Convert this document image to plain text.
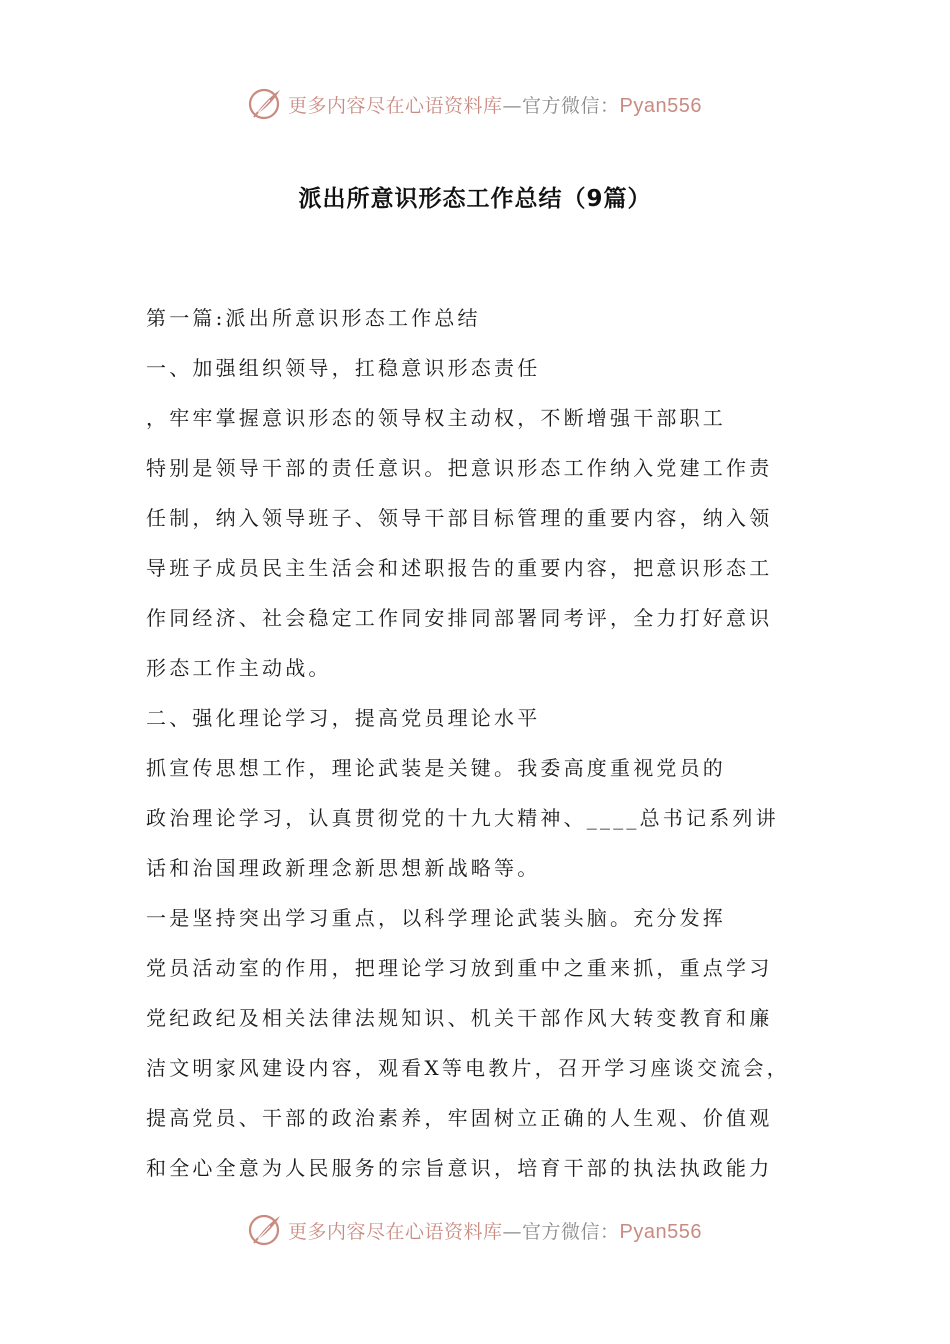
更多内容尽在心语资料库—官方微信：Pyan556
派出所意识形态工作总结（9篇）
第一篇:派出所意识形态工作总结
一、加强组织领导，扛稳意识形态责任
，牢牢掌握意识形态的领导权主动权，不断增强干部职工
特别是领导干部的责任意识。把意识形态工作纳入党建工作责
任制，纳入领导班子、领导干部目标管理的重要内容，纳入领
导班子成员民主生活会和述职报告的重要内容，把意识形态工
作同经济、社会稳定工作同安排同部署同考评，全力打好意识
形态工作主动战。
二、强化理论学习，提高党员理论水平
抓宣传思想工作，理论武装是关键。我委高度重视党员的
政治理论学习，认真贯彻党的十九大精神、____总书记系列讲
话和治国理政新理念新思想新战略等。
一是坚持突出学习重点，以科学理论武装头脑。充分发挥
党员活动室的作用，把理论学习放到重中之重来抓，重点学习
党纪政纪及相关法律法规知识、机关干部作风大转变教育和廉
洁文明家风建设内容，观看X等电教片，召开学习座谈交流会，
提高党员、干部的政治素养，牢固树立正确的人生观、价值观
和全心全意为人民服务的宗旨意识，培育干部的执法执政能力
更多内容尽在心语资料库—官方微信：Pyan556
